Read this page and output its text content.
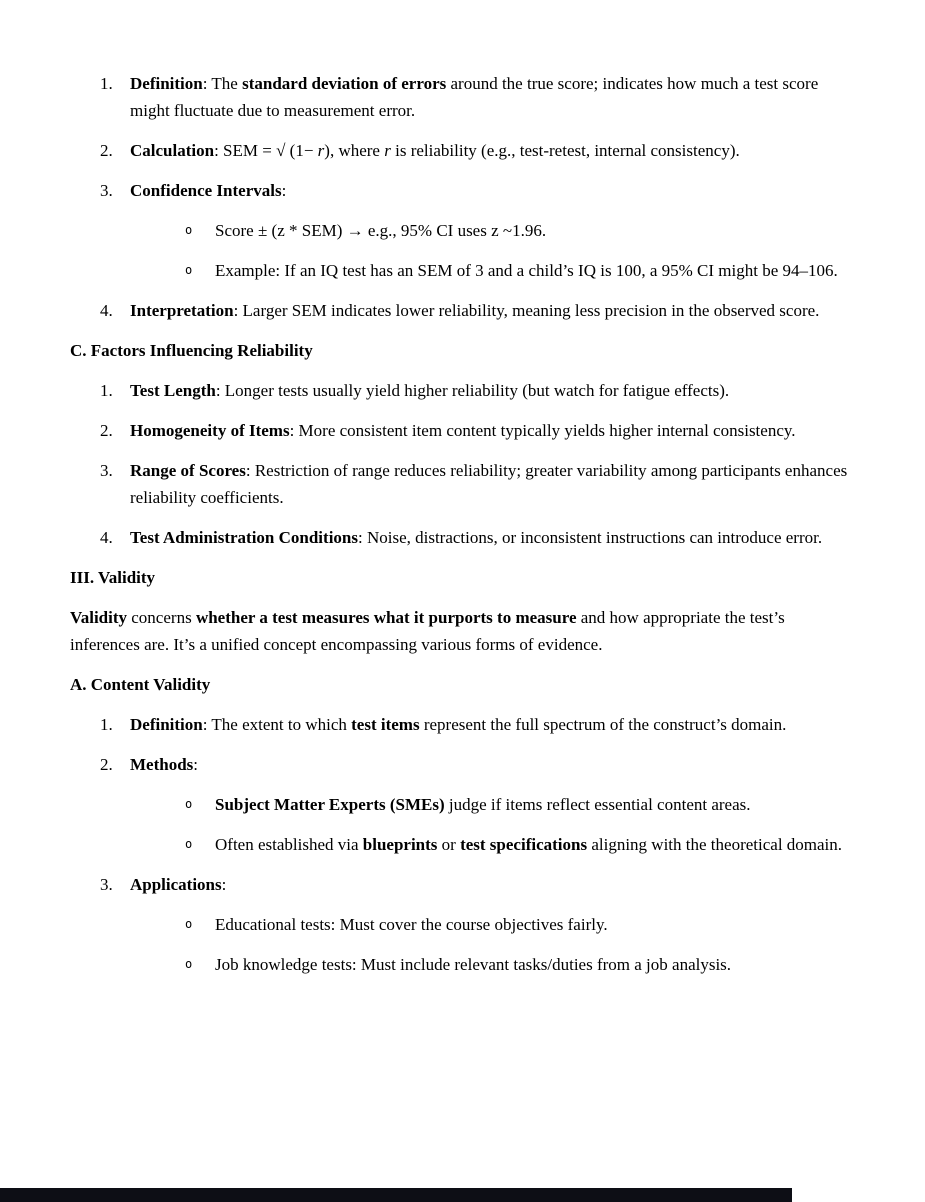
1.	Definition: The standard deviation of errors around the true score; indicates how much a test score might fluctuate due to measurement error.
2.	Calculation: SEM = √ (1− r), where r is reliability (e.g., test-retest, internal consistency).
3.	Confidence Intervals:
o	Score ± (z * SEM) → e.g., 95% CI uses z ~1.96.
o	Example: If an IQ test has an SEM of 3 and a child’s IQ is 100, a 95% CI might be 94–106.
4.	Interpretation: Larger SEM indicates lower reliability, meaning less precision in the observed score.
C. Factors Influencing Reliability
1.	Test Length: Longer tests usually yield higher reliability (but watch for fatigue effects).
2.	Homogeneity of Items: More consistent item content typically yields higher internal consistency.
3.	Range of Scores: Restriction of range reduces reliability; greater variability among participants enhances reliability coefficients.
4.	Test Administration Conditions: Noise, distractions, or inconsistent instructions can introduce error.
III. Validity
Validity concerns whether a test measures what it purports to measure and how appropriate the test’s inferences are. It’s a unified concept encompassing various forms of evidence.
A. Content Validity
1.	Definition: The extent to which test items represent the full spectrum of the construct’s domain.
2.	Methods:
o	Subject Matter Experts (SMEs) judge if items reflect essential content areas.
o	Often established via blueprints or test specifications aligning with the theoretical domain.
3.	Applications:
o	Educational tests: Must cover the course objectives fairly.
o	Job knowledge tests: Must include relevant tasks/duties from a job analysis.
